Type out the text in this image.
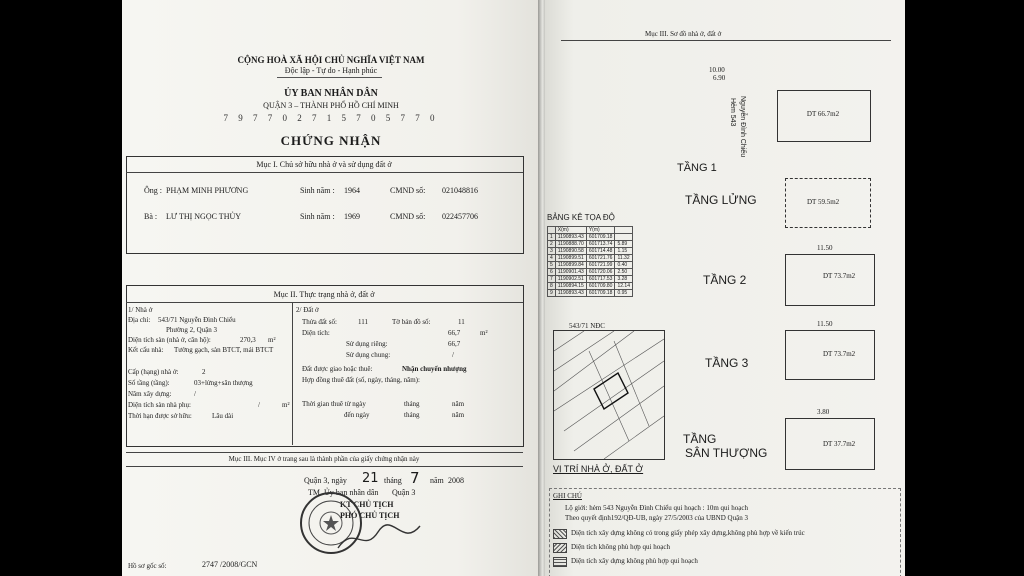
CỘNG HOÀ XÃ HỘI CHỦ NGHĨA VIỆT NAM
Độc lập - Tự do - Hạnh phúc
ỦY BAN NHÂN DÂN
QUẬN 3 – THÀNH PHỐ HỒ CHÍ MINH
7 9 7 7 0 2 7 1 5 7 0 5 7 7 0
CHỨNG NHẬN
Mục I. Chủ sở hữu nhà ở và sử dụng đất ở
Ông : PHẠM MINH PHƯƠNG	Sinh năm : 1964	CMND số: 021048816
Bà : LƯ THỊ NGỌC THỦY	Sinh năm : 1969	CMND số: 022457706
Mục II. Thực trạng nhà ở, đất ở
1/ Nhà ở
Địa chỉ: 543/71 Nguyễn Đình Chiểu
Phường 2, Quận 3
Diện tích sàn (nhà ở, căn hộ):	270,3 m²
Kết cấu nhà: Tường gạch, sàn BTCT, mái BTCT
Cấp (hạng) nhà ở:	2
Số tầng (tầng):	03+lửng+sân thượng
Năm xây dựng:	/
Diện tích sàn nhà phụ:	/	m²
Thời hạn được sở hữu:	Lâu dài
2/ Đất ở
Thửa đất số:	111	Tờ bản đồ số:	11
Diện tích:	66,7	m²
Sử dụng riêng:	66,7
Sử dụng chung:	/
Đất được giao hoặc thuê:	Nhận chuyển nhượng
Hợp đồng thuê đất (số, ngày, tháng, năm):
Thời gian thuê từ ngày	tháng	năm
đến ngày	tháng	năm
Mục III. Mục IV ở trang sau là thành phần của giấy chứng nhận này
Quận 3, ngày 21 tháng 7 năm 2008
TM. Ủy ban nhân dân Quận 3
KT CHỦ TỊCH
PHÓ CHỦ TỊCH
Hồ sơ gốc số:	2747 /2008/GCN
Mục III. Sơ đồ nhà ở, đất ở
DT 66.7m2
10.00
6.90
Nguyễn Đình Chiểu
Hẻm 543
TẦNG 1
TẦNG LỬNG	DT 59.5m2
BẢNG KÊ TỌA ĐỘ
	X(m)	Y(m)	
1	1190893.43	601709.18	
2	1190888.70	601713.74	5.89
3	1190890.58	601714.48	1.15
4	1190899.51	601721.76	11.32
5	1190899.84	601721.99	0.40
6	1190901.43	601720.06	2.50
7	1190902.51	601717.53	3.28
8	1190894.15	601709.80	12.14
9	1190893.43	601709.18	0.95
DT 73.7m2
TẦNG 2
11.50
543/71 NĐC
VỊ TRÍ NHÀ Ở, ĐẤT Ở
DT 73.7m2
TẦNG 3
11.50
DT 37.7m2
TẦNG
SÂN THƯỢNG
3.80
GHI CHÚ
Lộ giới: hẻm 543 Nguyễn Đình Chiểu qui hoạch : 10m qui hoạch
Theo quyết định192/QĐ-UB, ngày 27/5/2003 của UBND Quận 3
Diện tích xây dựng không có trong giấy phép xây dựng,không phù hợp về kiến trúc
Diện tích không phù hợp qui hoạch
Diện tích xây dựng không phù hợp qui hoạch
